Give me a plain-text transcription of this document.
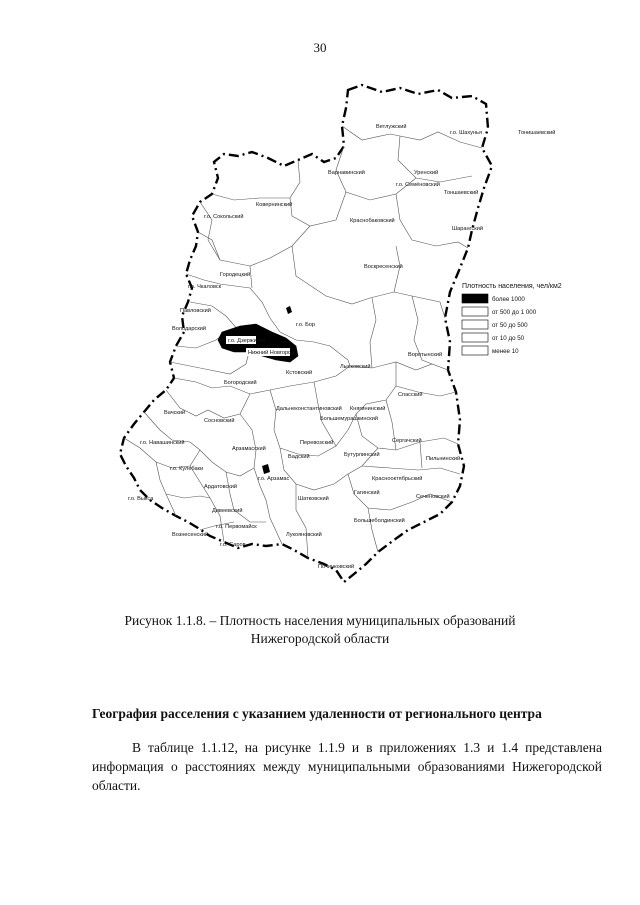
30
Ветлужский
г.о. Шахунья	Тонишаевский
Варнавинский	Уренский
г.о. Семёновский
Тоншаевский
Ковернинский
Краснобаковский
г.о. Сокольский
Шарангский
Воскресенский
Городецкий
г.о. Чкаловск
Павловский
Володарский
г.о. Дзержинск
Нижний Новгород
г.о. Бор
Кстовский
Лысковский
Воротынский
Богородский
Вачский
Сосновский
Дальнеконстантиновский Княгининский
Спасский
Большемурашкинский
г.о. Навашинский
Арзамасский
Перевозский	Сергачский
Пильнинский
Вадский	Бутурлинский
Краснооктябрьский
г.о. Кулебаки
Ардатовский
г.о. Арзамас
Шатковский
Гагинский
Сеченовский
г.о. Выкса
Дивеевский
Большеболдинский
г.о. Первомайск
Вознесенский	Лукояновский
г.о. Саров
Починковский
Плотность населения, чел/км2
более 1000
от 500 до 1 000
от 50 до 500
от 10 до 50
менее 10
Рисунок 1.1.8. – Плотность населения муниципальных образований
Нижегородской области
География расселения с указанием удаленности от регионального центра
В таблице 1.1.12, на рисунке 1.1.9 и в приложениях 1.3 и 1.4 представлена информация о расстояниях между муниципальными образованиями Нижегородской области.
